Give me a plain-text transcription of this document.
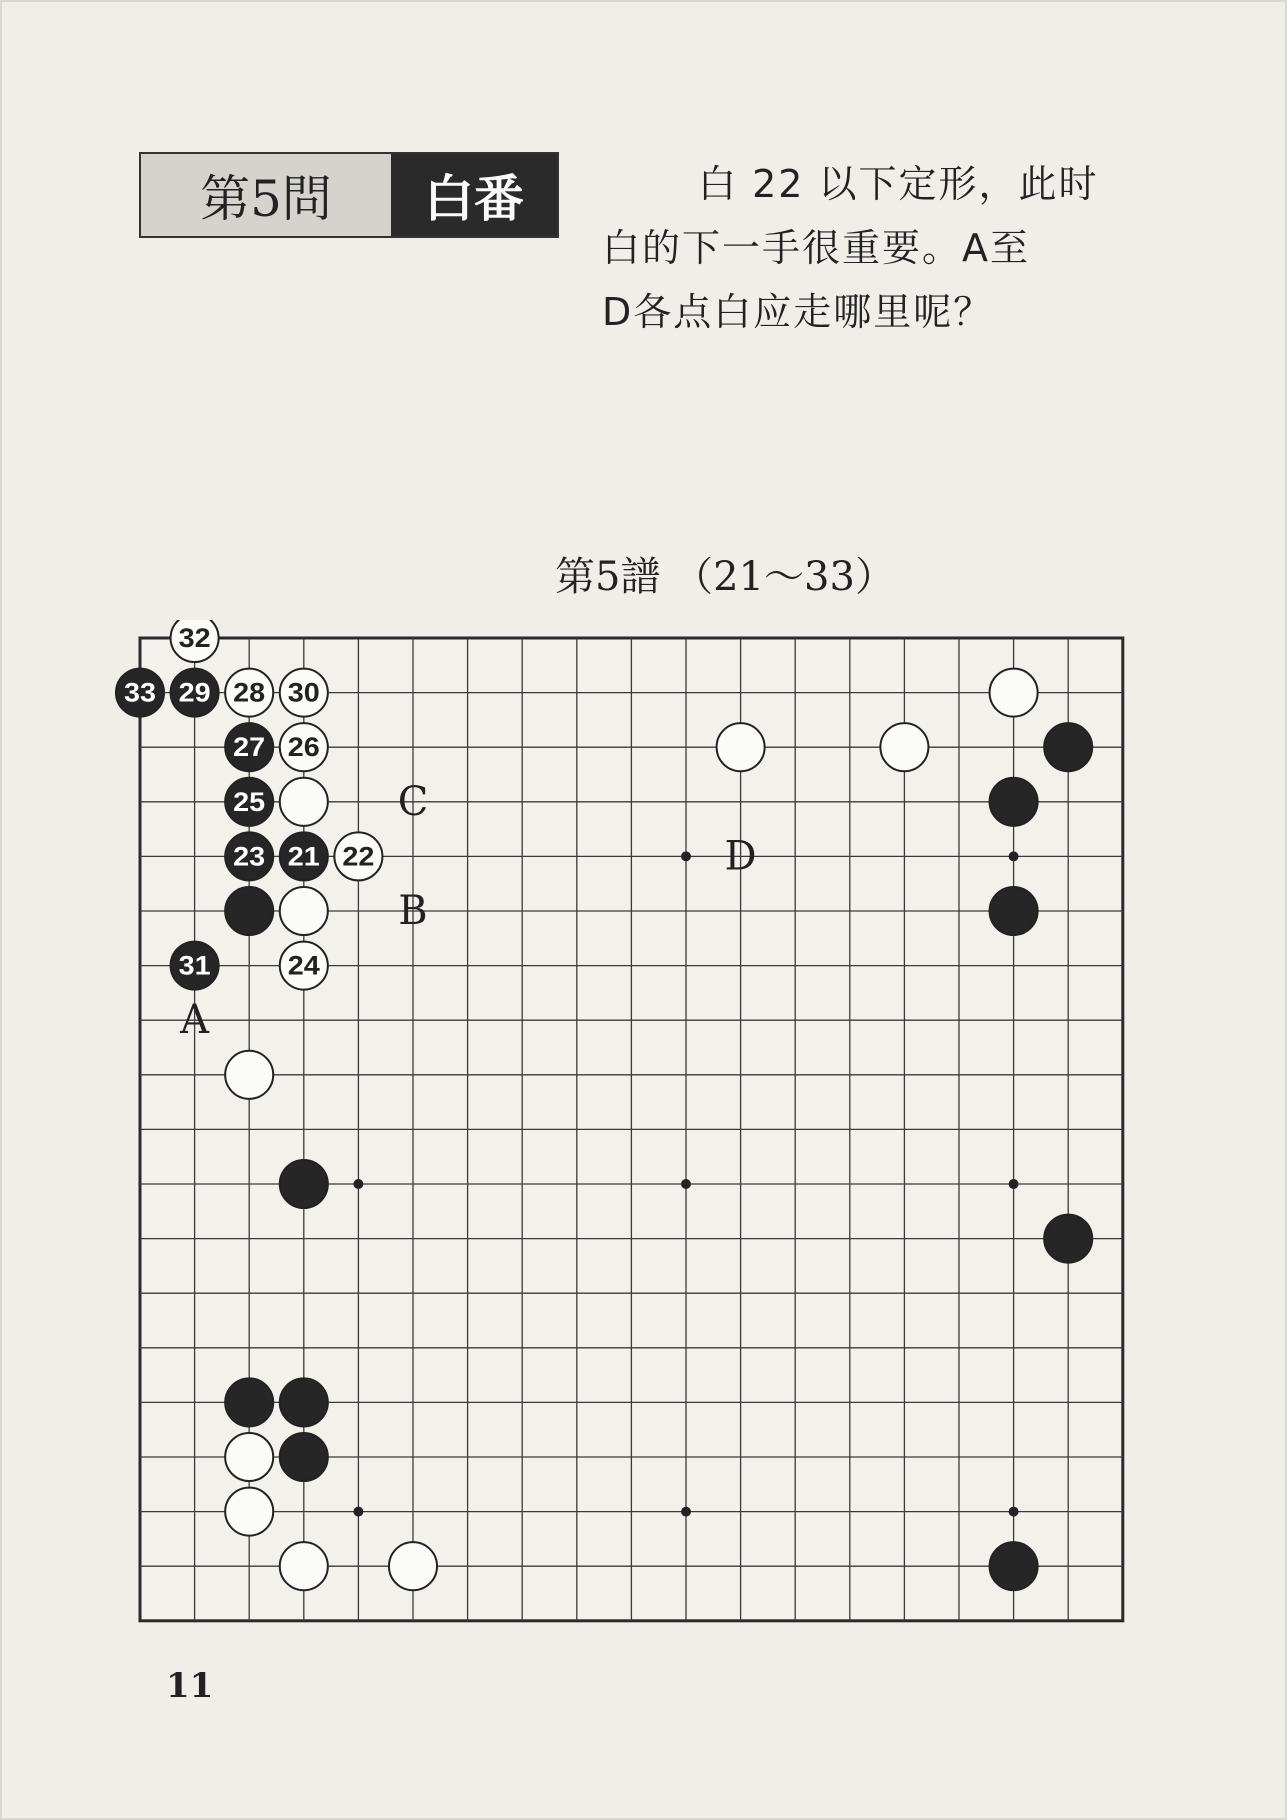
第5問	白番	白 22 以下定形，此时
白的下一手很重要。A至
D各点白应走哪里呢？
第5譜 （21～33）
A
B
C
D
21 22
23
24
25
26
27
28
29	30
31
32
33
11
